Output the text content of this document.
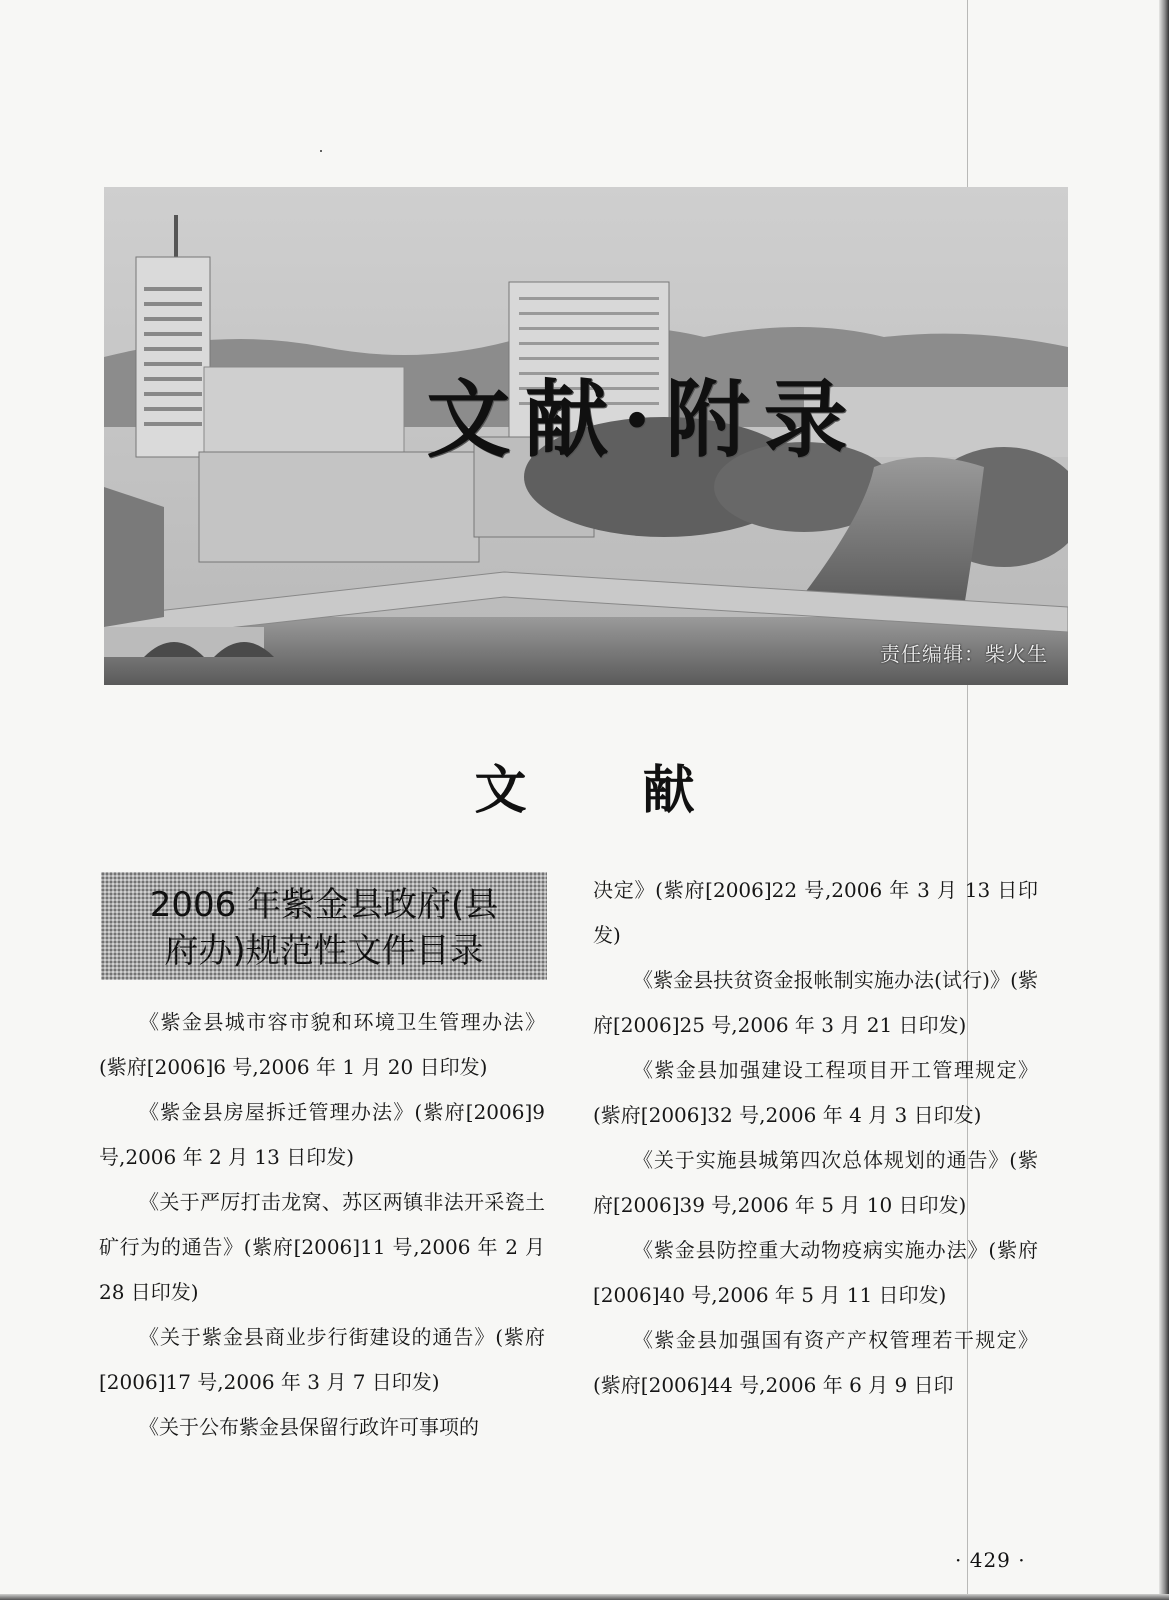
文献·附录
责任编辑：柴火生
文 献
2006 年紫金县政府(县
府办)规范性文件目录

《紫金县城市容市貌和环境卫生管理办法》(紫府[2006]6 号,2006 年 1 月 20 日印发)

《紫金县房屋拆迁管理办法》(紫府[2006]9 号,2006 年 2 月 13 日印发)

《关于严厉打击龙窝、苏区两镇非法开采瓷土矿行为的通告》(紫府[2006]11 号,2006 年 2 月 28 日印发)

《关于紫金县商业步行街建设的通告》(紫府[2006]17 号,2006 年 3 月 7 日印发)

《关于公布紫金县保留行政许可事项的

决定》(紫府[2006]22 号,2006 年 3 月 13 日印发)

《紫金县扶贫资金报帐制实施办法(试行)》(紫府[2006]25 号,2006 年 3 月 21 日印发)

《紫金县加强建设工程项目开工管理规定》(紫府[2006]32 号,2006 年 4 月 3 日印发)

《关于实施县城第四次总体规划的通告》(紫府[2006]39 号,2006 年 5 月 10 日印发)

《紫金县防控重大动物疫病实施办法》(紫府[2006]40 号,2006 年 5 月 11 日印发)

《紫金县加强国有资产产权管理若干规定》(紫府[2006]44 号,2006 年 6 月 9 日印

· 429 ·
